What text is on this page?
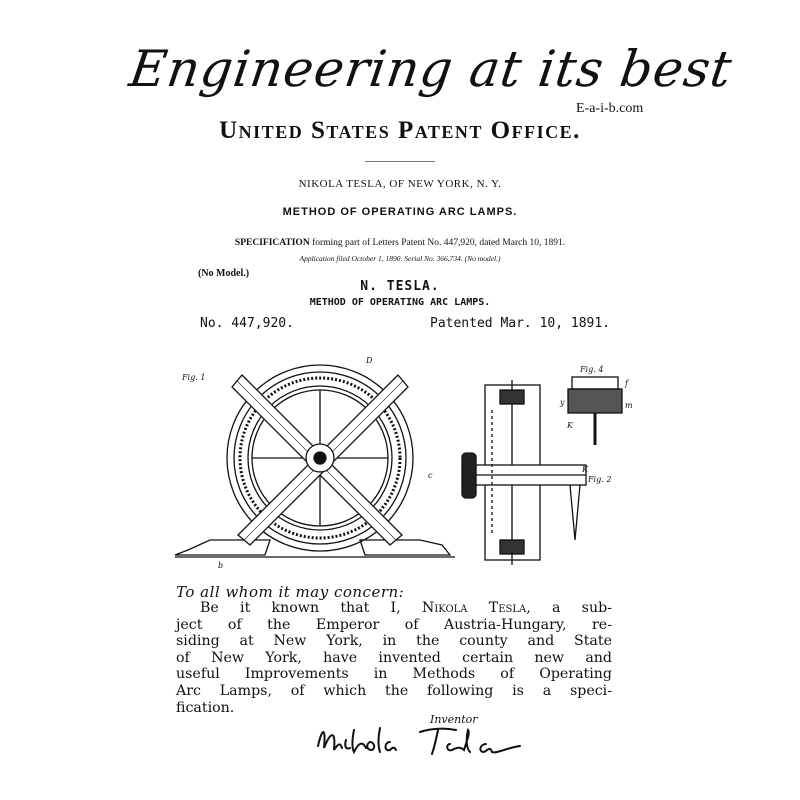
Engineering at its best
E-a-i-b.com
United States Patent Office.
NIKOLA TESLA, OF NEW YORK, N. Y.
METHOD OF OPERATING ARC LAMPS.
SPECIFICATION forming part of Letters Patent No. 447,920, dated March 10, 1891.
Application filed October 1, 1890. Serial No. 366,734. (No model.)
(No Model.)
N. TESLA.
METHOD OF OPERATING ARC LAMPS.
No. 447,920.	Patented Mar. 10, 1891.
Fig. 1
D
c
b
Fig. 2
K
Fig. 4
f
y	m
K
To all whom it may concern:
Be it known that I, Nikola Tesla, a sub-
ject of the Emperor of Austria-Hungary, re-
siding at New York, in the county and State
of New York, have invented certain new and
useful Improvements in Methods of Operating
Arc Lamps, of which the following is a speci-
fication.
Inventor
